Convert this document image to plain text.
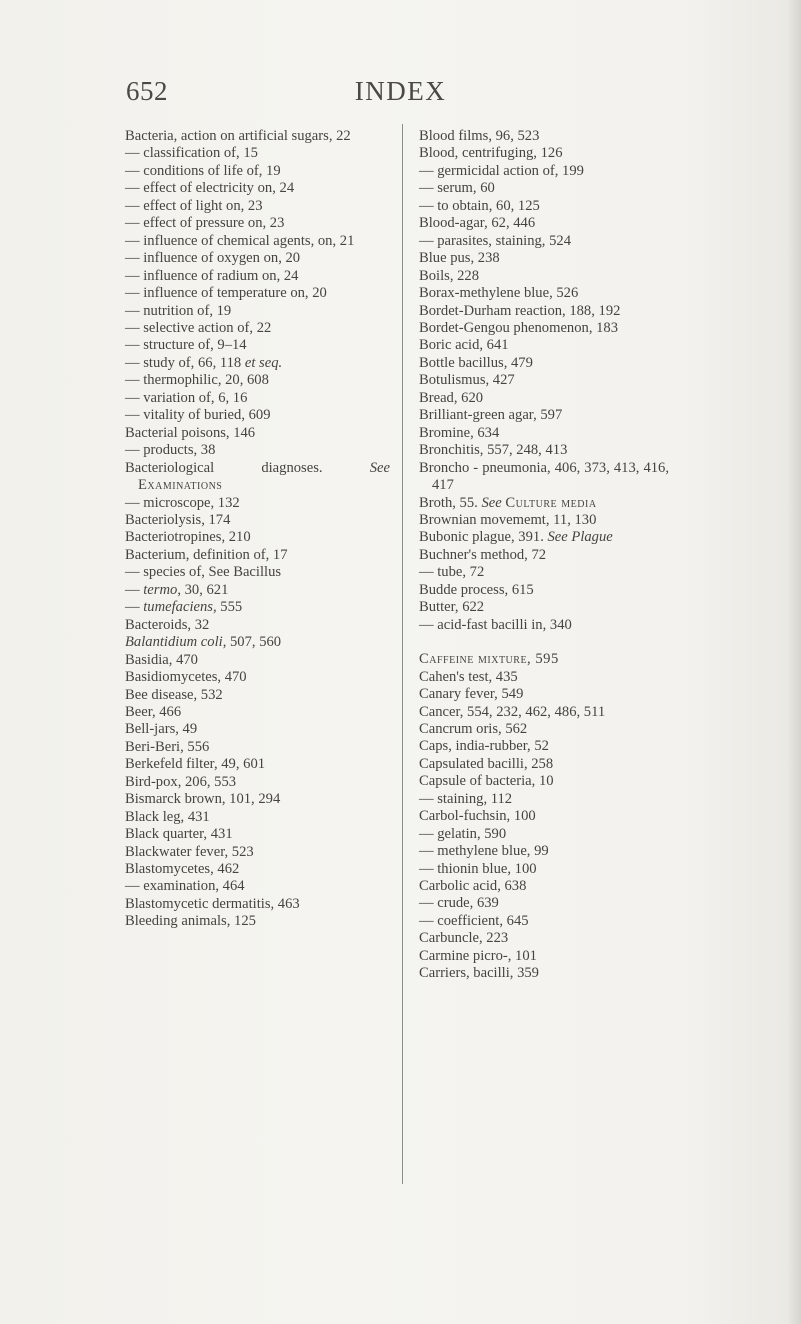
652	INDEX

Bacteria, action on artificial sugars, 22

— classification of, 15

— conditions of life of, 19

— effect of electricity on, 24

— effect of light on, 23

— effect of pressure on, 23

— influence of chemical agents, on, 21

— influence of oxygen on, 20

— influence of radium on, 24

— influence of temperature on, 20

— nutrition of, 19

— selective action of, 22

— structure of, 9–14

— study of, 66, 118 et seq.

— thermophilic, 20, 608

— variation of, 6, 16

— vitality of buried, 609

Bacterial poisons, 146

— products, 38

Bacteriological diagnoses. See Examinations

— microscope, 132

Bacteriolysis, 174

Bacteriotropines, 210

Bacterium, definition of, 17

— species of, See Bacillus

— termo, 30, 621

— tumefaciens, 555

Bacteroids, 32

Balantidium coli, 507, 560

Basidia, 470

Basidiomycetes, 470

Bee disease, 532

Beer, 466

Bell-jars, 49

Beri-Beri, 556

Berkefeld filter, 49, 601

Bird-pox, 206, 553

Bismarck brown, 101, 294

Black leg, 431

Black quarter, 431

Blackwater fever, 523

Blastomycetes, 462

— examination, 464

Blastomycetic dermatitis, 463

Bleeding animals, 125

Blood films, 96, 523

Blood, centrifuging, 126

— germicidal action of, 199

— serum, 60

— to obtain, 60, 125

Blood-agar, 62, 446

— parasites, staining, 524

Blue pus, 238

Boils, 228

Borax-methylene blue, 526

Bordet-Durham reaction, 188, 192

Bordet-Gengou phenomenon, 183

Boric acid, 641

Bottle bacillus, 479

Botulismus, 427

Bread, 620

Brilliant-green agar, 597

Bromine, 634

Bronchitis, 557, 248, 413

Broncho - pneumonia, 406, 373, 413, 416, 417

Broth, 55. See Culture media

Brownian movememt, 11, 130

Bubonic plague, 391. See Plague

Buchner's method, 72

— tube, 72

Budde process, 615

Butter, 622

— acid-fast bacilli in, 340

Caffeine mixture, 595

Cahen's test, 435

Canary fever, 549

Cancer, 554, 232, 462, 486, 511

Cancrum oris, 562

Caps, india-rubber, 52

Capsulated bacilli, 258

Capsule of bacteria, 10

— staining, 112

Carbol-fuchsin, 100

— gelatin, 590

— methylene blue, 99

— thionin blue, 100

Carbolic acid, 638

— crude, 639

— coefficient, 645

Carbuncle, 223

Carmine picro-, 101

Carriers, bacilli, 359
